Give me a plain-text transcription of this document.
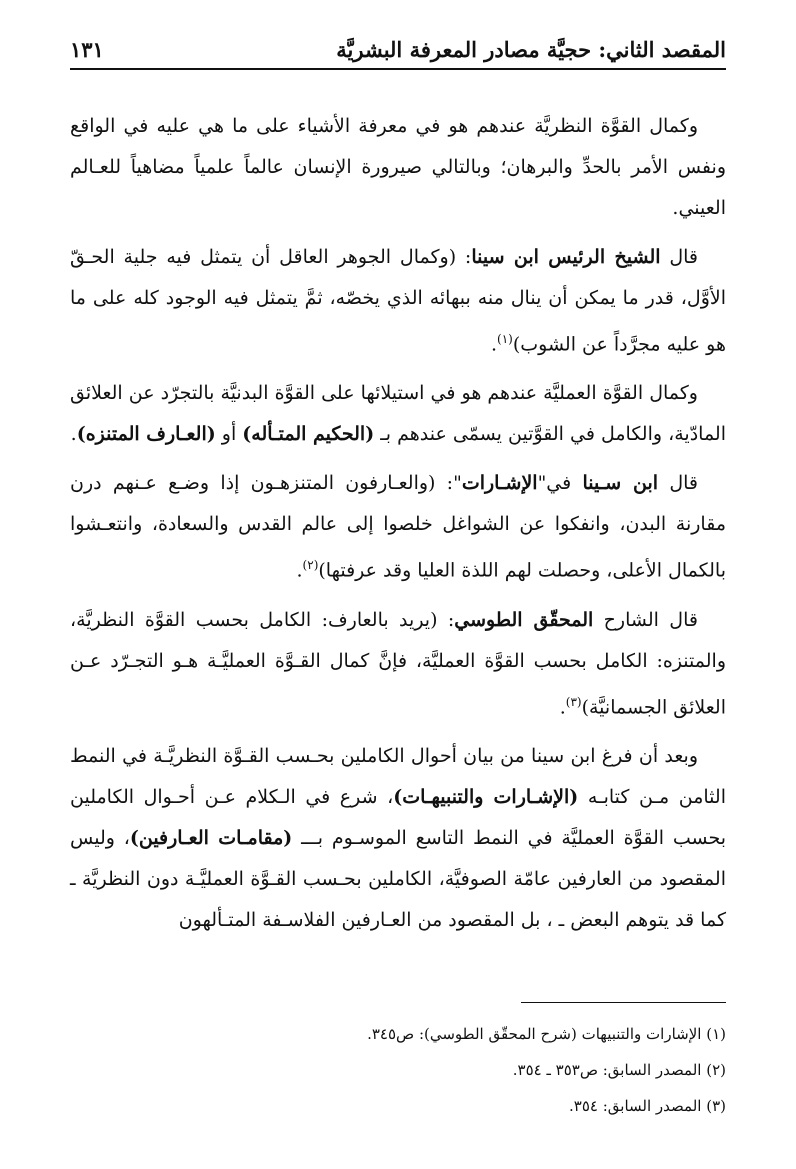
المقصد الثاني: حجيَّة مصادر المعرفة البشريَّة
١٣١

وكمال القوَّة النظريَّة عندهم هو في معرفة الأشياء على ما هي عليه في الواقع ونفس الأمر بالحدِّ والبرهان؛ وبالتالي صيرورة الإنسان عالماً علمياً مضاهياً للعـالم العيني.

قال الشيخ الرئيس ابن سينا: (وكمال الجوهر العاقل أن يتمثل فيه جلية الحـقّ الأوَّل، قدر ما يمكن أن ينال منه ببهائه الذي يخصّه، ثمَّ يتمثل فيه الوجود كله على ما هو عليه مجرَّداً عن الشوب)$^{(١)}$.

وكمال القوَّة العمليَّة عندهم هو في استيلائها على القوَّة البدنيَّة بالتجرّد عن العلائق المادّية، والكامل في القوَّتين يسمّى عندهم بـ (الحكيم المتـأله) أو (العـارف المتنزه).

قال ابن سـينا في"الإشـارات": (والعـارفون المتنزهـون إذا وضـع عـنهم درن مقارنة البدن، وانفكوا عن الشواغل خلصوا إلى عالم القدس والسعادة، وانتعـشوا بالكمال الأعلى، وحصلت لهم اللذة العليا وقد عرفتها)$^{(٢)}$.

قال الشارح المحقّق الطوسي: (يريد بالعارف: الكامل بحسب القوَّة النظريَّة، والمتنزه: الكامل بحسب القوَّة العمليَّة، فإنَّ كمال القـوَّة العمليَّـة هـو التجـرّد عـن العلائق الجسمانيَّة)$^{(٣)}$.

وبعد أن فرغ ابن سينا من بيان أحوال الكاملين بحـسب القـوَّة النظريَّـة في النمط الثامن مـن كتابـه (الإشـارات والتنبيهـات)، شرع في الـكلام عـن أحـوال الكاملين بحسب القوَّة العمليَّة في النمط التاسع الموسـوم بـــ (مقامـات العـارفين)، وليس المقصود من العارفين عامّة الصوفيَّة، الكاملين بحـسب القـوَّة العمليَّـة دون النظريَّة ـ كما قد يتوهم البعض ـ ، بل المقصود من العـارفين الفلاسـفة المتـألهون

(١) الإشارات والتنبيهات (شرح المحقّق الطوسي): ص٣٤٥.

(٢) المصدر السابق: ص٣٥٣ ـ ٣٥٤.

(٣) المصدر السابق: ٣٥٤.
